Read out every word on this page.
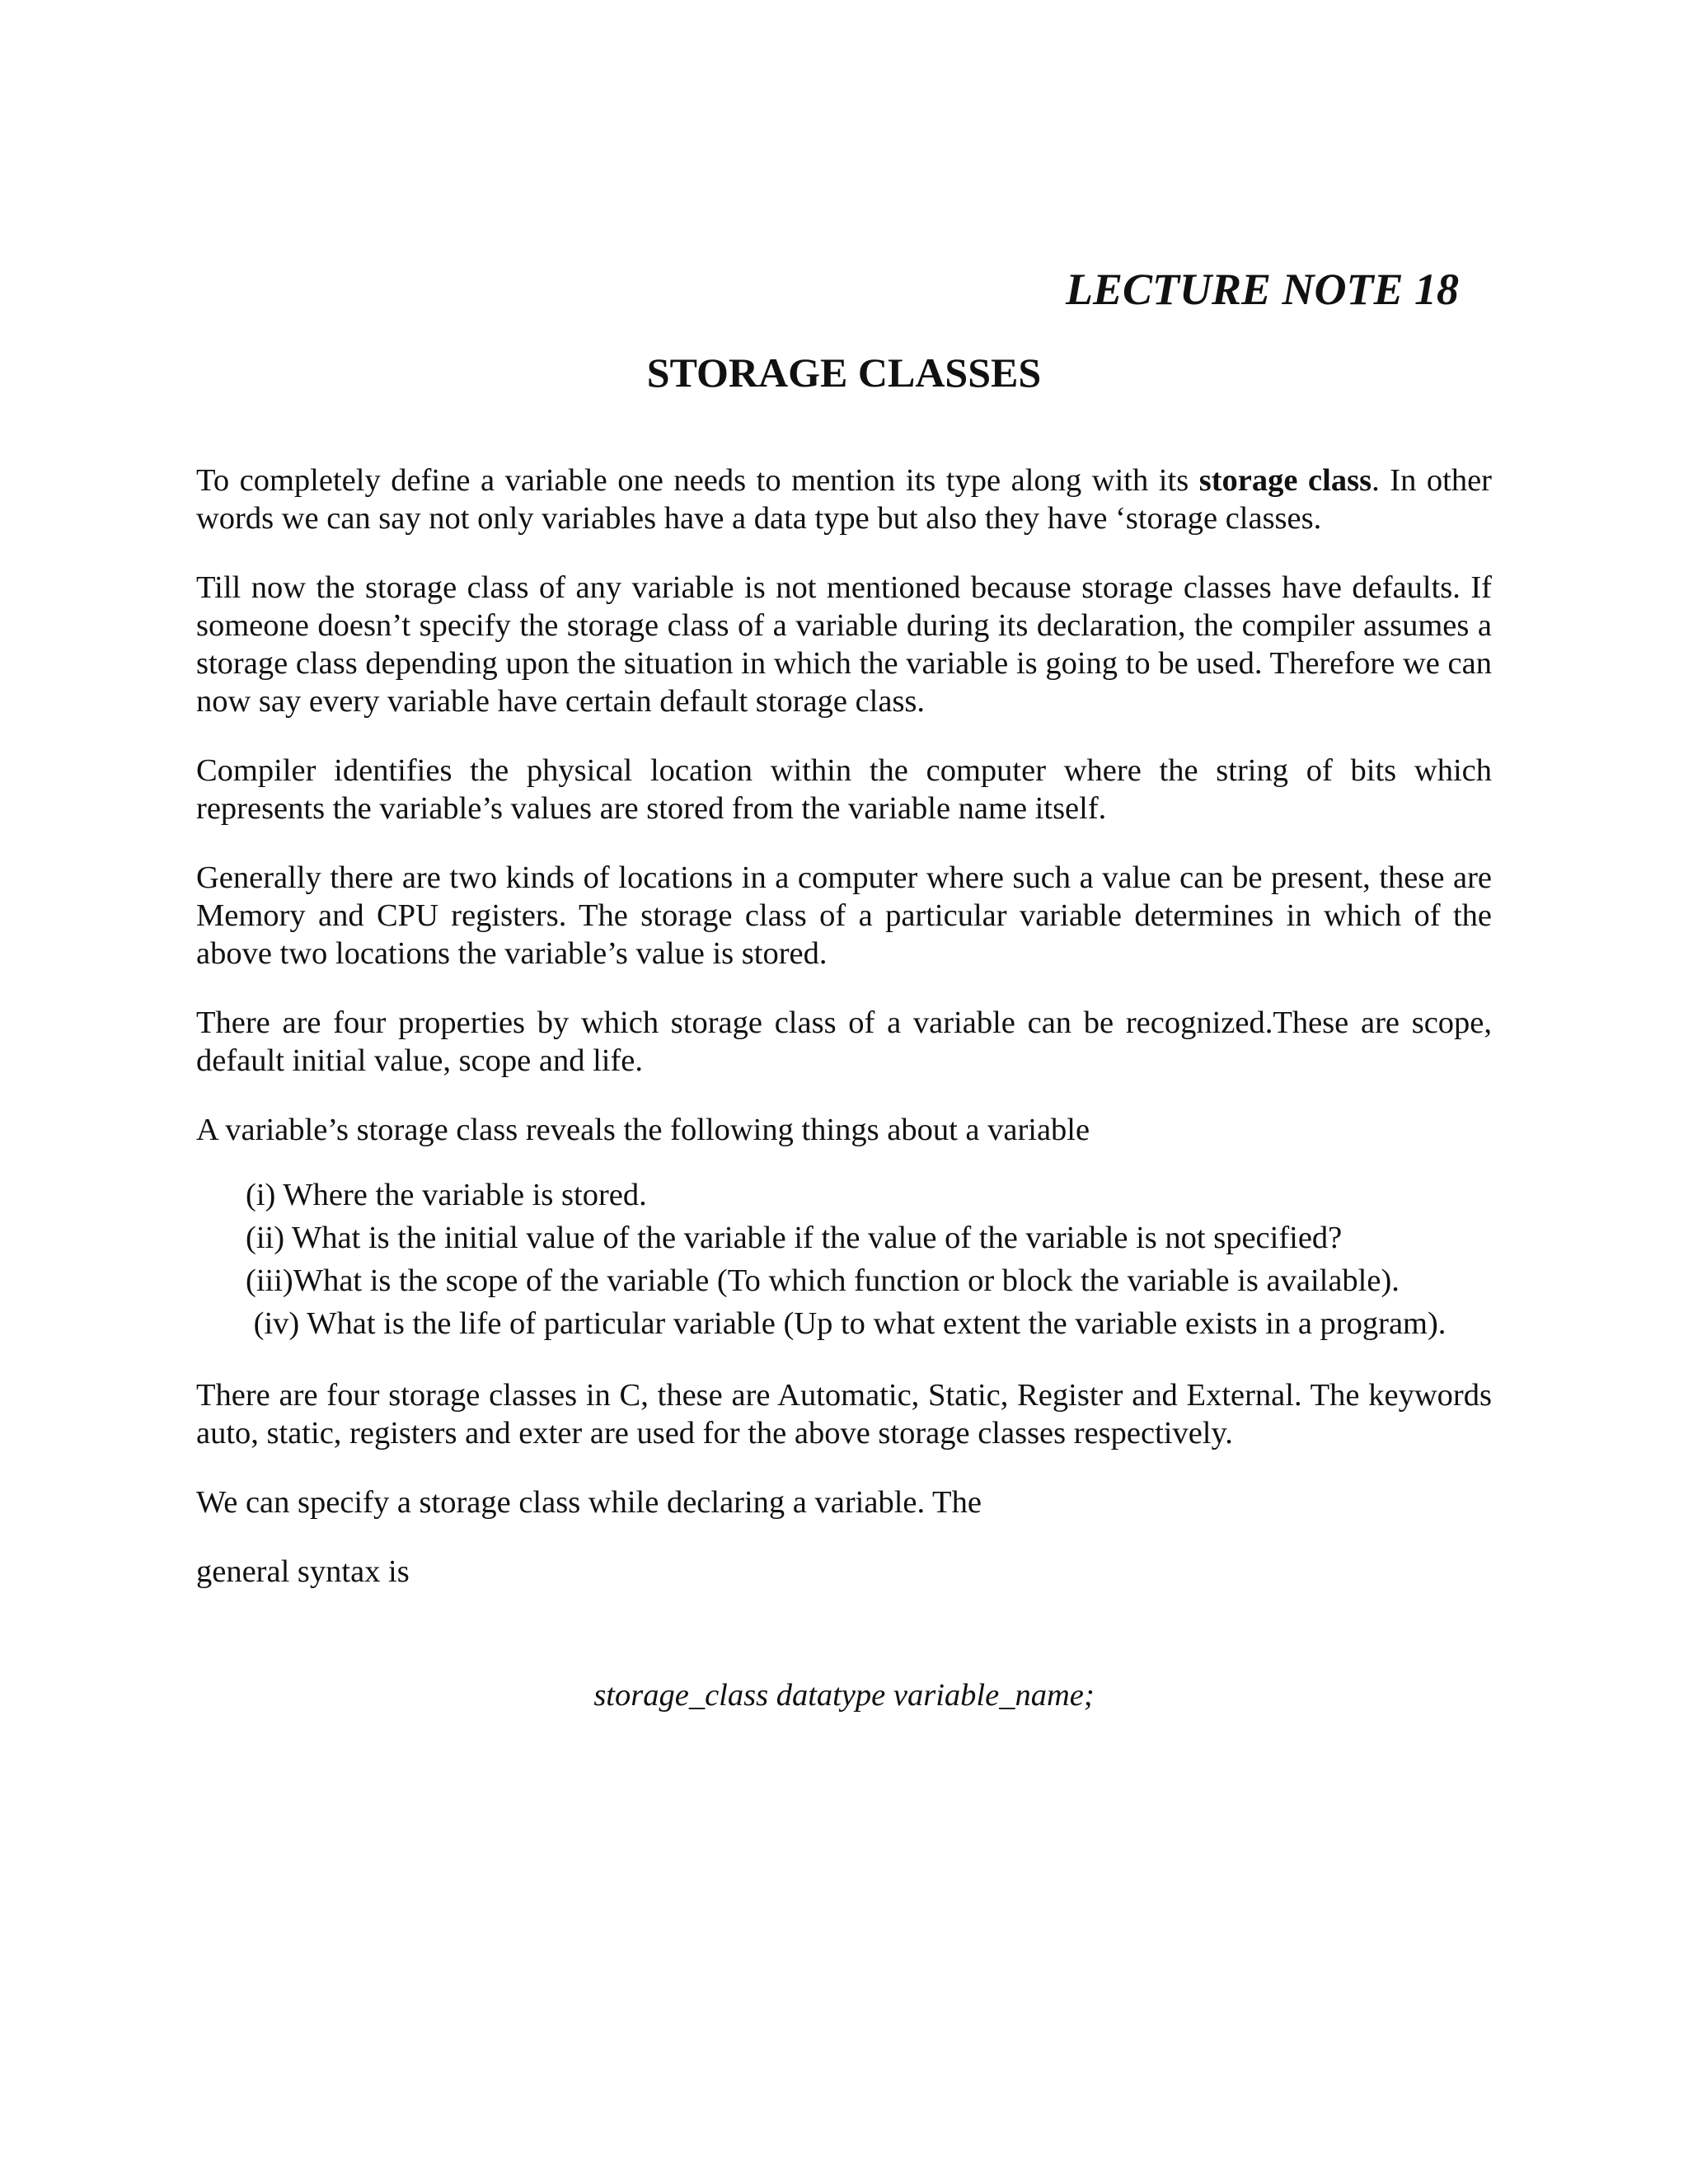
LECTURE NOTE 18
STORAGE CLASSES

To completely define a variable one needs to mention its type along with its storage class. In other words we can say not only variables have a data type but also they have ‘storage classes.

Till now the storage class of any variable is not mentioned because storage classes have defaults. If someone doesn’t specify the storage class of a variable during its declaration, the compiler assumes a storage class depending upon the situation in which the variable is going to be used. Therefore we can now say every variable have certain default storage class.

Compiler identifies the physical location within the computer where the string of bits which represents the variable’s values are stored from the variable name itself.

Generally there are two kinds of locations in a computer where such a value can be present, these are Memory and CPU registers. The storage class of a particular variable determines in which of the above two locations the variable’s value is stored.

There are four properties by which storage class of a variable can be recognized.These are scope, default initial value, scope and life.

A variable’s storage class reveals the following things about a variable

(i) Where the variable is stored.
(ii) What is the initial value of the variable if the value of the variable is not specified?
(iii)What is the scope of the variable (To which function or block the variable is available).
(iv) What is the life of particular variable (Up to what extent the variable exists in a program).

There are four storage classes in C, these are Automatic, Static, Register and External. The keywords auto, static, registers and exter are used for the above storage classes respectively.

We can specify a storage class while declaring a variable. The

general syntax is

storage_class datatype variable_name;
